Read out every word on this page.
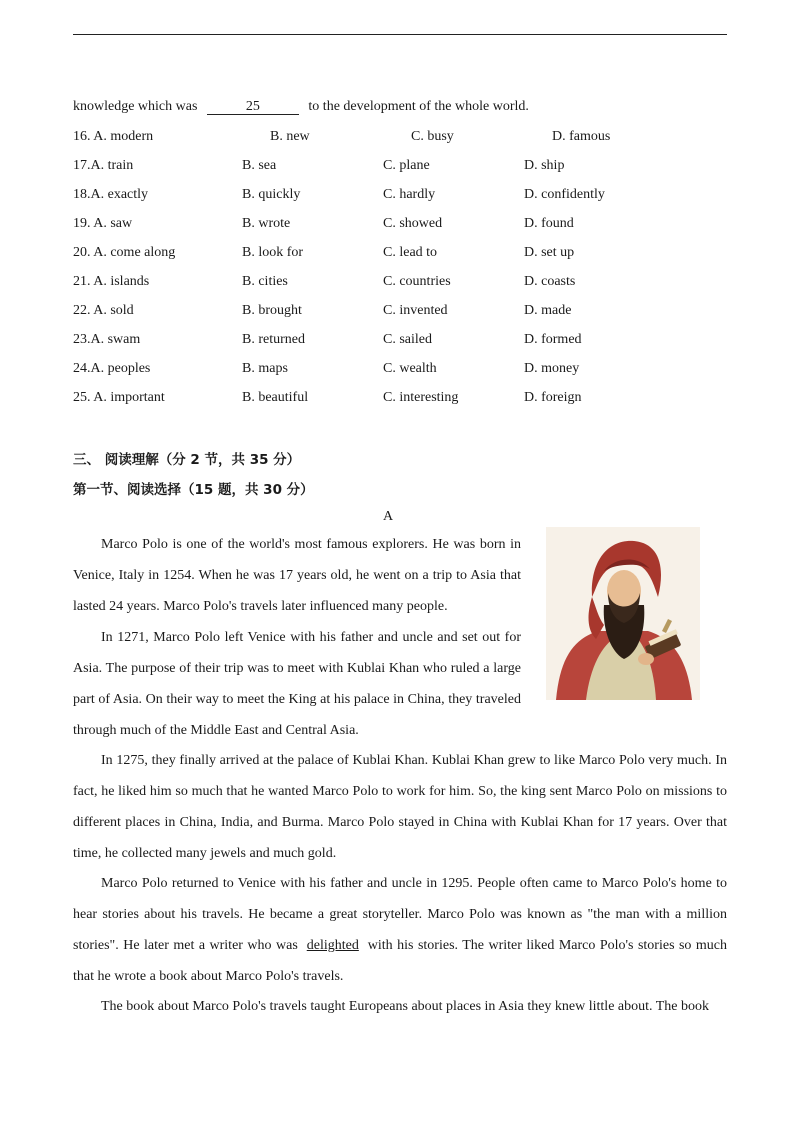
knowledge which was	25	to the development of the whole world.
16. A. modern	B. new	C. busy	D. famous
17.A. train	B. sea	C. plane	D. ship
18.A. exactly	B. quickly	C. hardly	D. confidently
19. A. saw	B. wrote	C. showed	D. found
20. A. come along	B. look for	C. lead to	D. set up
21. A. islands	B. cities	C. countries	D. coasts
22. A. sold	B. brought	C. invented	D. made
23.A. swam	B. returned	C. sailed	D. formed
24.A. peoples	B. maps	C. wealth	D. money
25. A. important	B. beautiful	C. interesting	D. foreign
三、 阅读理解（分 2 节，共 35 分）
第一节、阅读选择（15 题，共 30 分）
A

Marco Polo is one of the world's most famous explorers. He was born in Venice, Italy in 1254. When he was 17 years old, he went on a trip to Asia that lasted 24 years. Marco Polo's travels later influenced many people.

In 1271, Marco Polo left Venice with his father and uncle and set out for Asia. The purpose of their trip was to meet with Kublai Khan who ruled a large part of Asia. On their way to meet the King at his palace in China, they traveled through much of the Middle East and Central Asia.

In 1275, they finally arrived at the palace of Kublai Khan. Kublai Khan grew to like Marco Polo very much. In fact, he liked him so much that he wanted Marco Polo to work for him. So, the king sent Marco Polo on missions to different places in China, India, and Burma. Marco Polo stayed in China with Kublai Khan for 17 years. Over that time, he collected many jewels and much gold.

Marco Polo returned to Venice with his father and uncle in 1295. People often came to Marco Polo's home to hear stories about his travels. He became a great storyteller. Marco Polo was known as "the man with a million stories". He later met a writer who was delighted with his stories. The writer liked Marco Polo's stories so much that he wrote a book about Marco Polo's travels.

The book about Marco Polo's travels taught Europeans about places in Asia they knew little about. The book
